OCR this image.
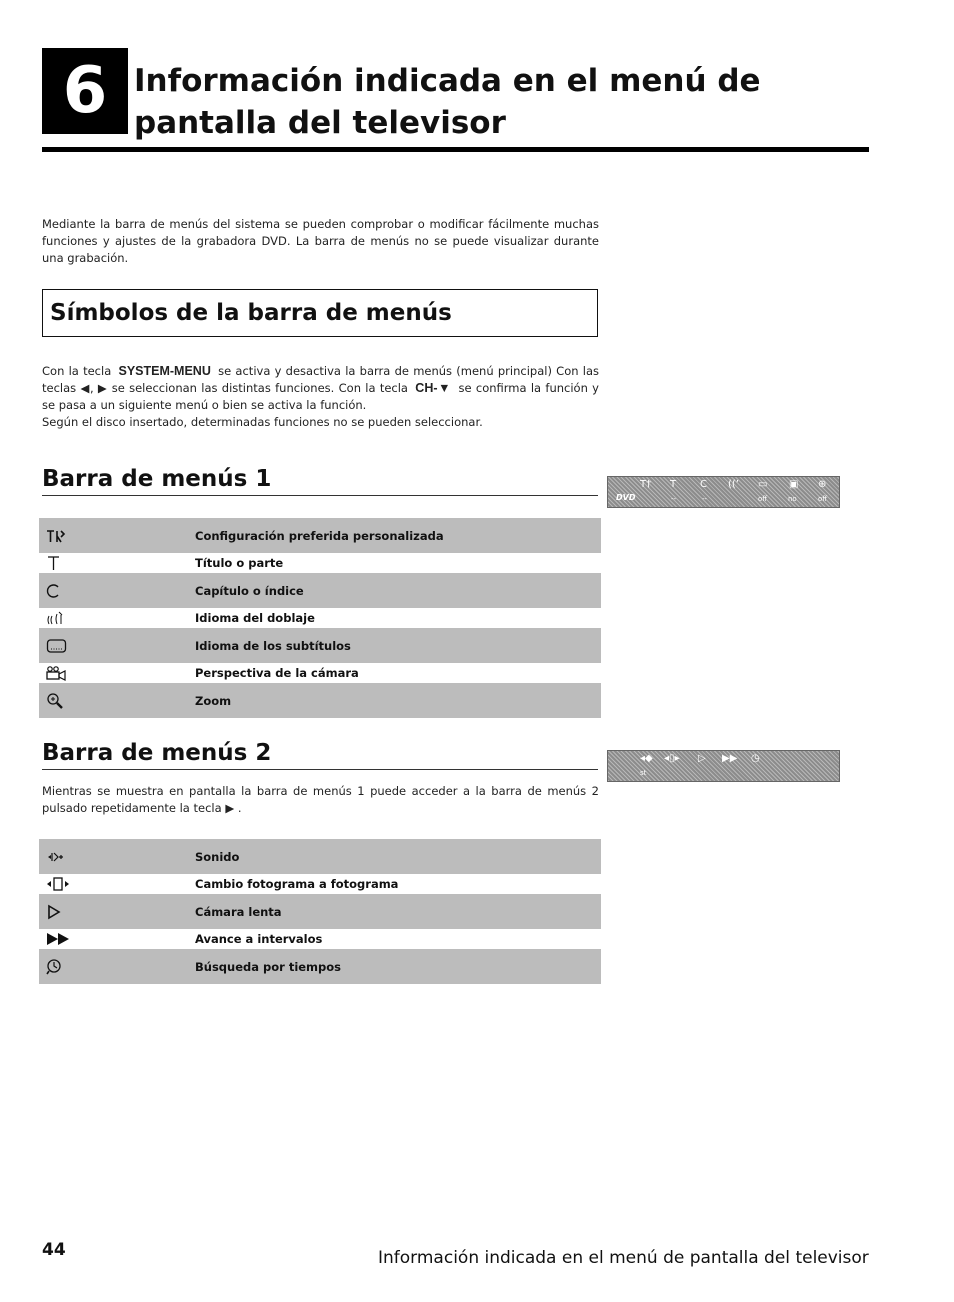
6 Información indicada en el menú de
pantalla del televisor

Mediante la barra de menús del sistema se pueden comprobar o modificar fácilmente muchas funciones y ajustes de la grabadora DVD. La barra de menús no se puede visualizar durante una grabación.

Símbolos de la barra de menús

Con la tecla SYSTEM-MENU se activa y desactiva la barra de menús (menú principal) Con las teclas ◀, ▶ se seleccionan las distintas funciones. Con la tecla CH-▼ se confirma la función y se pasa a un siguiente menú o bien se activa la función.

Según el disco insertado, determinadas funciones no se pueden seleccionar.

Barra de menús 1	T† T C ((’ ▭ ▣ ⊕
DVD	--	--	off	no	off
Configuración preferida personalizada
Título o parte
Capítulo o índice
Idioma del doblaje
Idioma de los subtítulos
Perspectiva de la cámara
Zoom
Barra de menús 2	◂◆ ◂▯▸ ▷ ▶▶ ◷
st

Mientras se muestra en pantalla la barra de menús 1 puede acceder a la barra de menús 2 pulsado repetidamente la tecla ▶ .

Sonido
Cambio fotograma a fotograma
Cámara lenta
Avance a intervalos
Búsqueda por tiempos
44	Información indicada en el menú de pantalla del televisor
